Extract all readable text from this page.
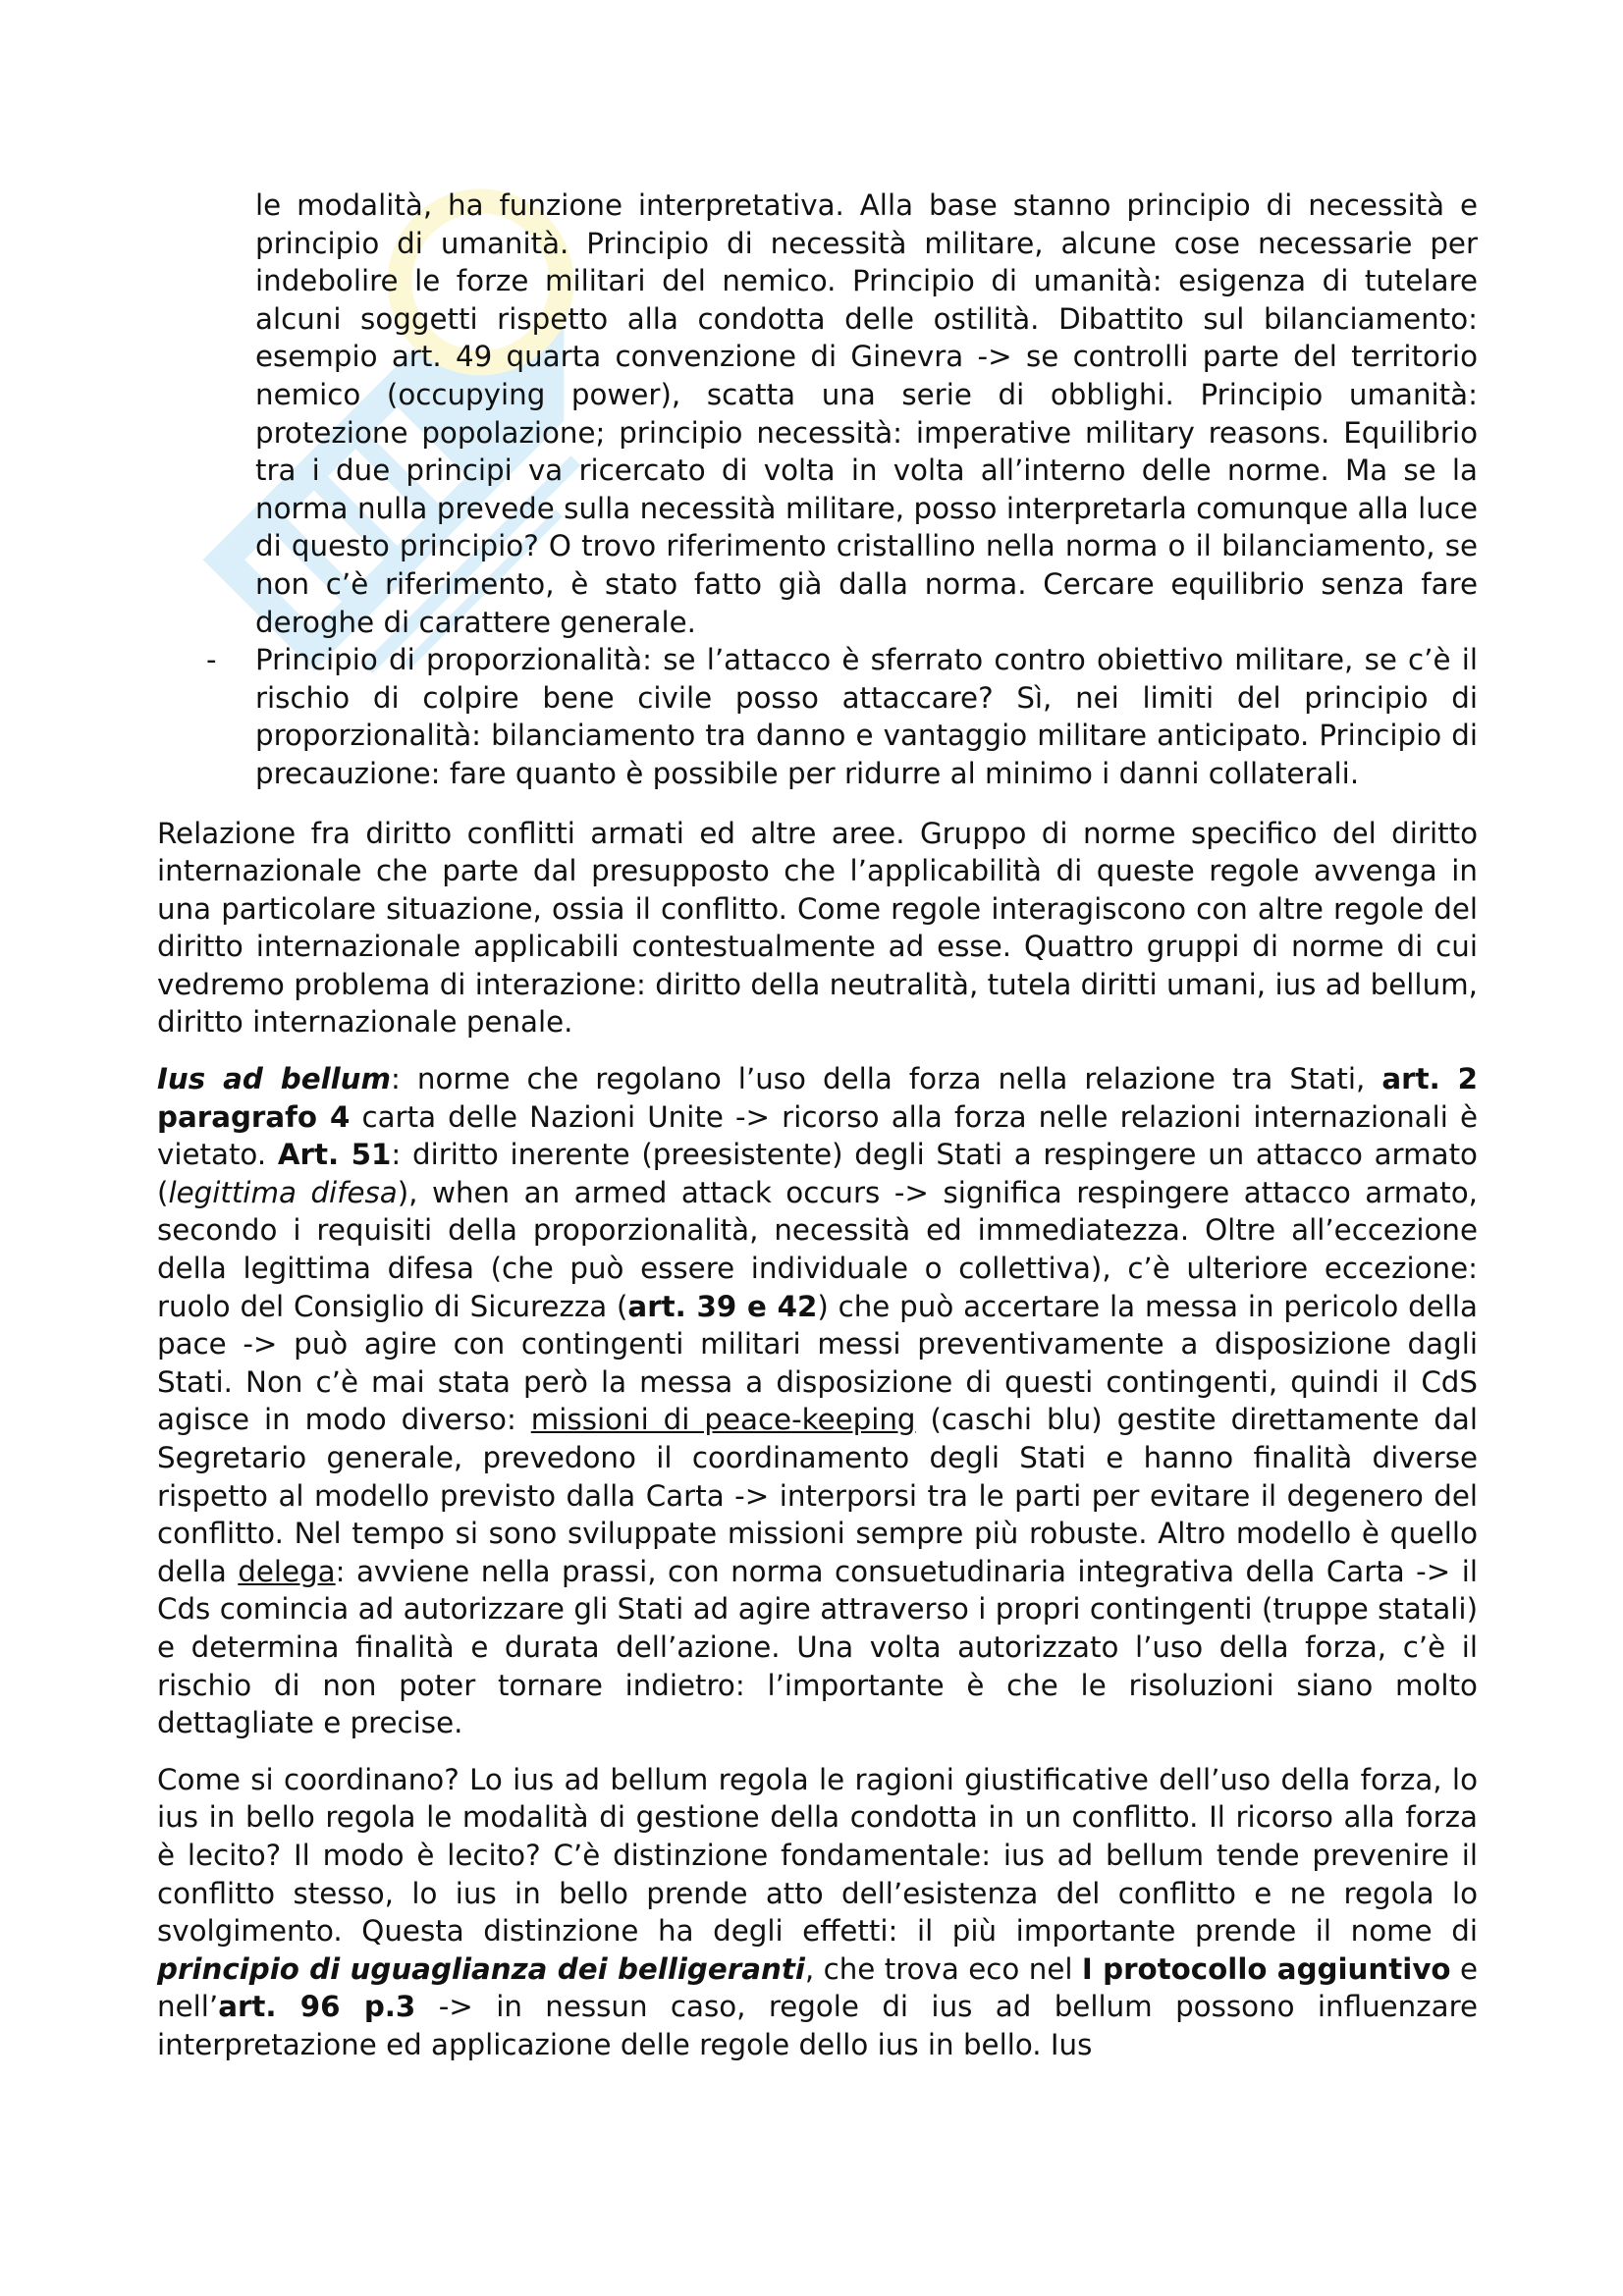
le modalità, ha funzione interpretativa. Alla base stanno principio di necessità e principio di umanità. Principio di necessità militare, alcune cose necessarie per indebolire le forze militari del nemico. Principio di umanità: esigenza di tutelare alcuni soggetti rispetto alla condotta delle ostilità. Dibattito sul bilanciamento: esempio art. 49 quarta convenzione di Ginevra -> se controlli parte del territorio nemico (occupying power), scatta una serie di obblighi. Principio umanità: protezione popolazione; principio necessità: imperative military reasons. Equilibrio tra i due principi va ricercato di volta in volta all’interno delle norme. Ma se la norma nulla prevede sulla necessità militare, posso interpretarla comunque alla luce di questo principio? O trovo riferimento cristallino nella norma o il bilanciamento, se non c’è riferimento, è stato fatto già dalla norma. Cercare equilibrio senza fare deroghe di carattere generale.

- Principio di proporzionalità: se l’attacco è sferrato contro obiettivo militare, se c’è il rischio di colpire bene civile posso attaccare? Sì, nei limiti del principio di proporzionalità: bilanciamento tra danno e vantaggio militare anticipato. Principio di precauzione: fare quanto è possibile per ridurre al minimo i danni collaterali.

Relazione fra diritto conflitti armati ed altre aree. Gruppo di norme specifico del diritto internazionale che parte dal presupposto che l’applicabilità di queste regole avvenga in una particolare situazione, ossia il conflitto. Come regole interagiscono con altre regole del diritto internazionale applicabili contestualmente ad esse. Quattro gruppi di norme di cui vedremo problema di interazione: diritto della neutralità, tutela diritti umani, ius ad bellum, diritto internazionale penale.

Ius ad bellum: norme che regolano l’uso della forza nella relazione tra Stati, art. 2 paragrafo 4 carta delle Nazioni Unite -> ricorso alla forza nelle relazioni internazionali è vietato. Art. 51: diritto inerente (preesistente) degli Stati a respingere un attacco armato (legittima difesa), when an armed attack occurs -> significa respingere attacco armato, secondo i requisiti della proporzionalità, necessità ed immediatezza. Oltre all’eccezione della legittima difesa (che può essere individuale o collettiva), c’è ulteriore eccezione: ruolo del Consiglio di Sicurezza (art. 39 e 42) che può accertare la messa in pericolo della pace -> può agire con contingenti militari messi preventivamente a disposizione dagli Stati. Non c’è mai stata però la messa a disposizione di questi contingenti, quindi il CdS agisce in modo diverso: missioni di peace-keeping (caschi blu) gestite direttamente dal Segretario generale, prevedono il coordinamento degli Stati e hanno finalità diverse rispetto al modello previsto dalla Carta -> interporsi tra le parti per evitare il degenero del conflitto. Nel tempo si sono sviluppate missioni sempre più robuste. Altro modello è quello della delega: avviene nella prassi, con norma consuetudinaria integrativa della Carta -> il Cds comincia ad autorizzare gli Stati ad agire attraverso i propri contingenti (truppe statali) e determina finalità e durata dell’azione. Una volta autorizzato l’uso della forza, c’è il rischio di non poter tornare indietro: l’importante è che le risoluzioni siano molto dettagliate e precise.

Come si coordinano? Lo ius ad bellum regola le ragioni giustificative dell’uso della forza, lo ius in bello regola le modalità di gestione della condotta in un conflitto. Il ricorso alla forza è lecito? Il modo è lecito? C’è distinzione fondamentale: ius ad bellum tende prevenire il conflitto stesso, lo ius in bello prende atto dell’esistenza del conflitto e ne regola lo svolgimento. Questa distinzione ha degli effetti: il più importante prende il nome di principio di uguaglianza dei belligeranti, che trova eco nel I protocollo aggiuntivo e nell’art. 96 p.3 -> in nessun caso, regole di ius ad bellum possono influenzare interpretazione ed applicazione delle regole dello ius in bello. Ius
